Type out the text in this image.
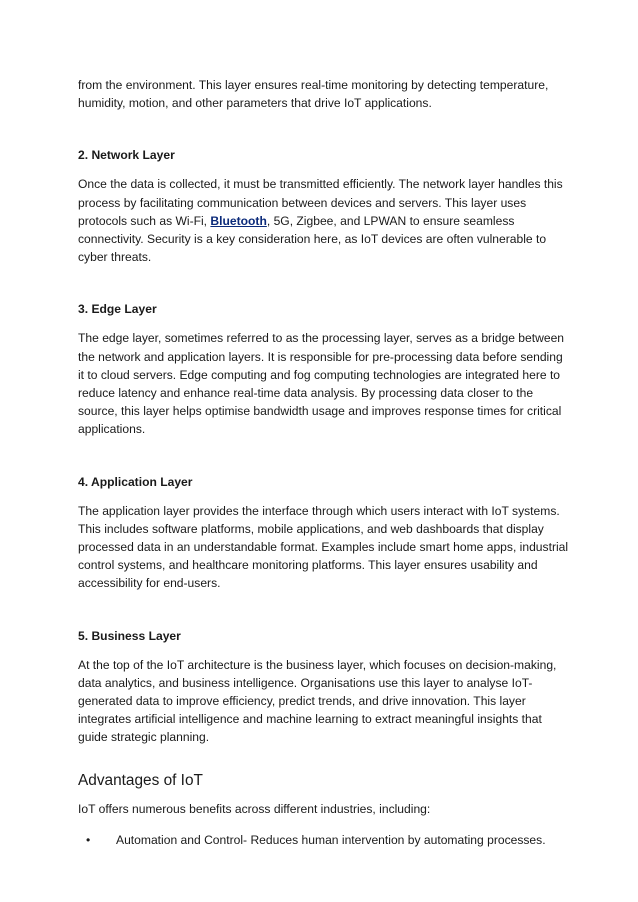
from the environment. This layer ensures real-time monitoring by detecting temperature, humidity, motion, and other parameters that drive IoT applications.

2. Network Layer

Once the data is collected, it must be transmitted efficiently. The network layer handles this process by facilitating communication between devices and servers. This layer uses protocols such as Wi-Fi, Bluetooth, 5G, Zigbee, and LPWAN to ensure seamless connectivity. Security is a key consideration here, as IoT devices are often vulnerable to cyber threats.

3. Edge Layer

The edge layer, sometimes referred to as the processing layer, serves as a bridge between the network and application layers. It is responsible for pre-processing data before sending it to cloud servers. Edge computing and fog computing technologies are integrated here to reduce latency and enhance real-time data analysis. By processing data closer to the source, this layer helps optimise bandwidth usage and improves response times for critical applications.

4. Application Layer

The application layer provides the interface through which users interact with IoT systems. This includes software platforms, mobile applications, and web dashboards that display processed data in an understandable format. Examples include smart home apps, industrial control systems, and healthcare monitoring platforms. This layer ensures usability and accessibility for end-users.

5. Business Layer

At the top of the IoT architecture is the business layer, which focuses on decision-making, data analytics, and business intelligence. Organisations use this layer to analyse IoT-generated data to improve efficiency, predict trends, and drive innovation. This layer integrates artificial intelligence and machine learning to extract meaningful insights that guide strategic planning.

Advantages of IoT

IoT offers numerous benefits across different industries, including:

• Automation and Control- Reduces human intervention by automating processes.
